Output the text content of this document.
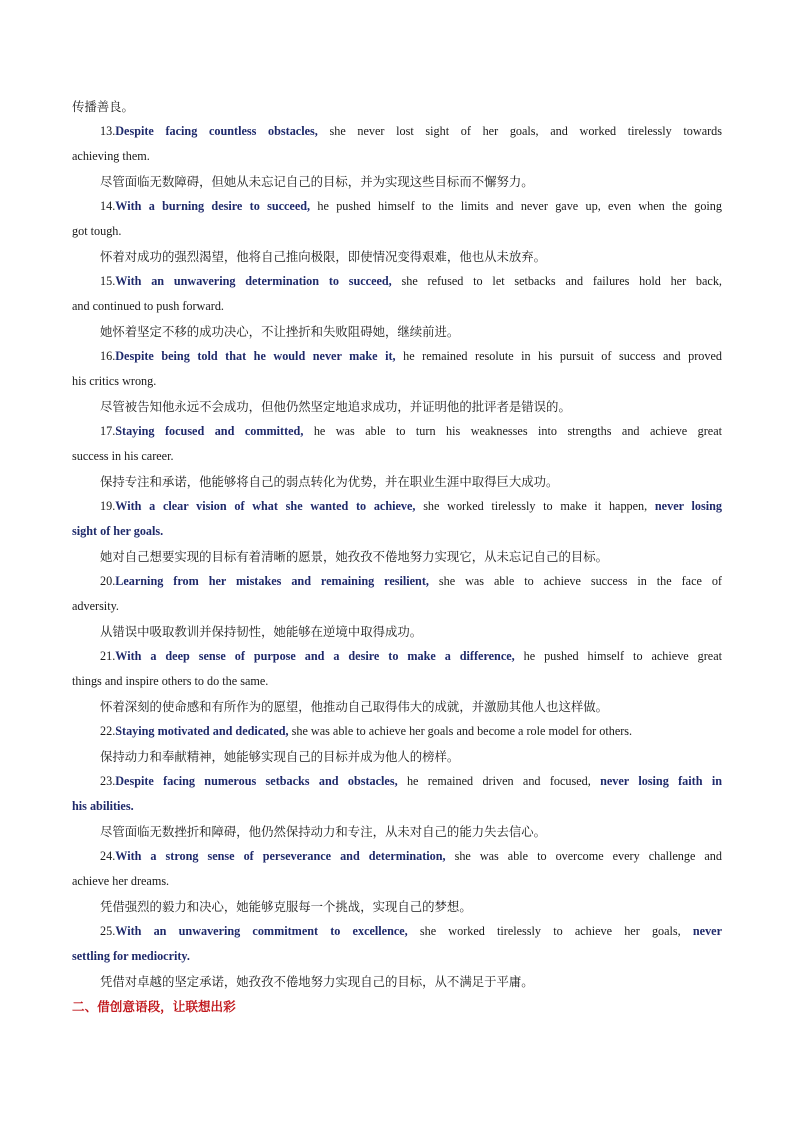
传播善良。
13.Despite facing countless obstacles, she never lost sight of her goals, and worked tirelessly towards
achieving them.
尽管面临无数障碍，但她从未忘记自己的目标，并为实现这些目标而不懈努力。
14.With a burning desire to succeed, he pushed himself to the limits and never gave up, even when the going
got tough.
怀着对成功的强烈渴望，他将自己推向极限，即使情况变得艰难，他也从未放弃。
15.With an unwavering determination to succeed, she refused to let setbacks and failures hold her back,
and continued to push forward.
她怀着坚定不移的成功决心，不让挫折和失败阻碍她，继续前进。
16.Despite being told that he would never make it, he remained resolute in his pursuit of success and proved
his critics wrong.
尽管被告知他永远不会成功，但他仍然坚定地追求成功，并证明他的批评者是错误的。
17.Staying focused and committed, he was able to turn his weaknesses into strengths and achieve great
success in his career.
保持专注和承诺，他能够将自己的弱点转化为优势，并在职业生涯中取得巨大成功。
19.With a clear vision of what she wanted to achieve, she worked tirelessly to make it happen, never losing
sight of her goals.
她对自己想要实现的目标有着清晰的愿景，她孜孜不倦地努力实现它，从未忘记自己的目标。
20.Learning from her mistakes and remaining resilient, she was able to achieve success in the face of
adversity.
从错误中吸取教训并保持韧性，她能够在逆境中取得成功。
21.With a deep sense of purpose and a desire to make a difference, he pushed himself to achieve great
things and inspire others to do the same.
怀着深刻的使命感和有所作为的愿望，他推动自己取得伟大的成就，并激励其他人也这样做。
22.Staying motivated and dedicated, she was able to achieve her goals and become a role model for others.
保持动力和奉献精神，她能够实现自己的目标并成为他人的榜样。
23.Despite facing numerous setbacks and obstacles, he remained driven and focused, never losing faith in
his abilities.
尽管面临无数挫折和障碍，他仍然保持动力和专注，从未对自己的能力失去信心。
24.With a strong sense of perseverance and determination, she was able to overcome every challenge and
achieve her dreams.
凭借强烈的毅力和决心，她能够克服每一个挑战，实现自己的梦想。
25.With an unwavering commitment to excellence, she worked tirelessly to achieve her goals, never
settling for mediocrity.
凭借对卓越的坚定承诺，她孜孜不倦地努力实现自己的目标，从不满足于平庸。
二、借创意语段，让联想出彩
